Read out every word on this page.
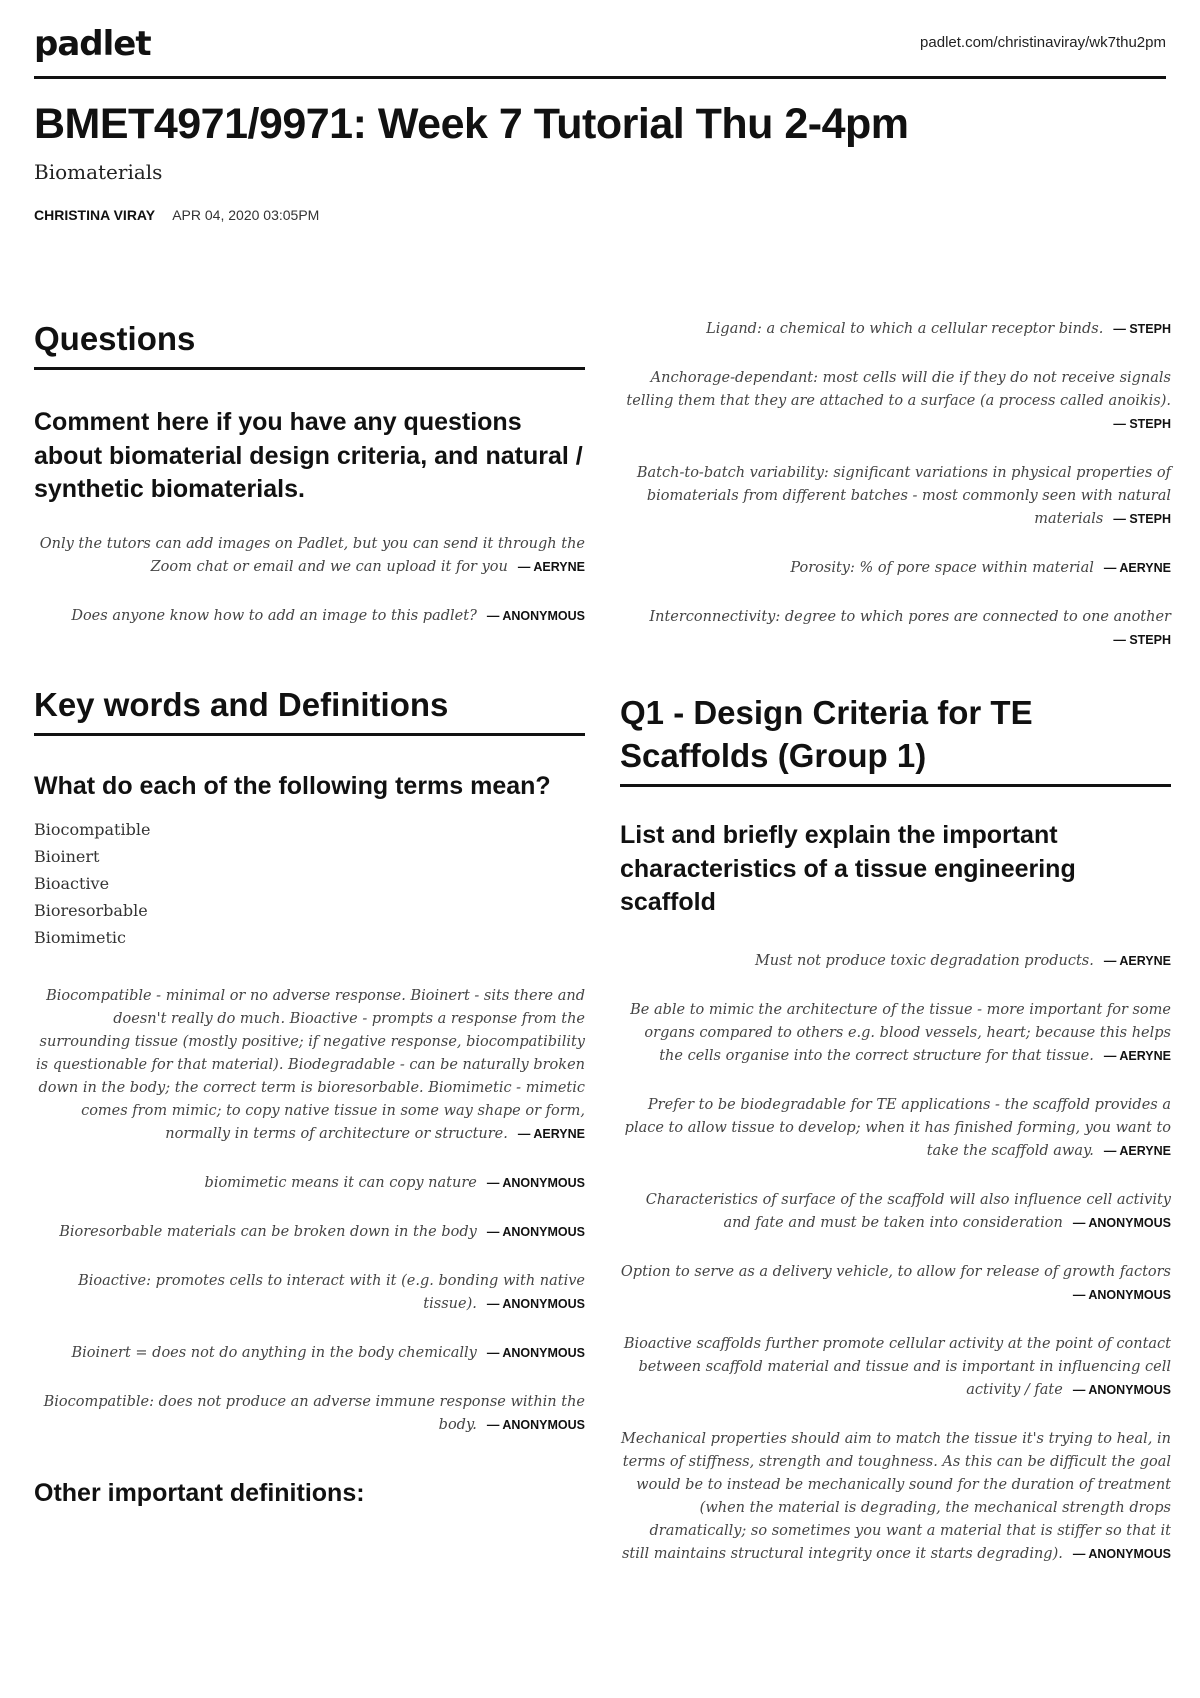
padlet	padlet.com/christinaviray/wk7thu2pm
BMET4971/9971: Week 7 Tutorial Thu 2-4pm
Biomaterials
CHRISTINA VIRAY APR 04, 2020 03:05PM
Questions
Comment here if you have any questions about biomaterial design criteria, and natural / synthetic biomaterials.
Only the tutors can add images on Padlet, but you can send it through the Zoom chat or email and we can upload it for you — AERYNE
Does anyone know how to add an image to this padlet? — ANONYMOUS
Key words and Definitions
What do each of the following terms mean?
Biocompatible
Bioinert
Bioactive
Bioresorbable
Biomimetic
Biocompatible - minimal or no adverse response. Bioinert - sits there and doesn't really do much. Bioactive - prompts a response from the surrounding tissue (mostly positive; if negative response, biocompatibility is questionable for that material). Biodegradable - can be naturally broken down in the body; the correct term is bioresorbable. Biomimetic - mimetic comes from mimic; to copy native tissue in some way shape or form, normally in terms of architecture or structure. — AERYNE
biomimetic means it can copy nature — ANONYMOUS
Bioresorbable materials can be broken down in the body — ANONYMOUS
Bioactive: promotes cells to interact with it (e.g. bonding with native tissue). — ANONYMOUS
Bioinert = does not do anything in the body chemically — ANONYMOUS
Biocompatible: does not produce an adverse immune response within the body. — ANONYMOUS
Other important definitions:
Ligand: a chemical to which a cellular receptor binds. — STEPH
Anchorage-dependant: most cells will die if they do not receive signals telling them that they are attached to a surface (a process called anoikis).— STEPH
Batch-to-batch variability: significant variations in physical properties of biomaterials from different batches - most commonly seen with natural materials — STEPH
Porosity: % of pore space within material — AERYNE
Interconnectivity: degree to which pores are connected to one another— STEPH
Q1 - Design Criteria for TE Scaffolds (Group 1)
List and briefly explain the important characteristics of a tissue engineering scaffold
Must not produce toxic degradation products. — AERYNE
Be able to mimic the architecture of the tissue - more important for some organs compared to others e.g. blood vessels, heart; because this helps the cells organise into the correct structure for that tissue. — AERYNE
Prefer to be biodegradable for TE applications - the scaffold provides a place to allow tissue to develop; when it has finished forming, you want to take the scaffold away. — AERYNE
Characteristics of surface of the scaffold will also influence cell activity and fate and must be taken into consideration — ANONYMOUS
Option to serve as a delivery vehicle, to allow for release of growth factors— ANONYMOUS
Bioactive scaffolds further promote cellular activity at the point of contact between scaffold material and tissue and is important in influencing cell activity / fate — ANONYMOUS
Mechanical properties should aim to match the tissue it's trying to heal, in terms of stiffness, strength and toughness. As this can be difficult the goal would be to instead be mechanically sound for the duration of treatment (when the material is degrading, the mechanical strength drops dramatically; so sometimes you want a material that is stiffer so that it still maintains structural integrity once it starts degrading). — ANONYMOUS
